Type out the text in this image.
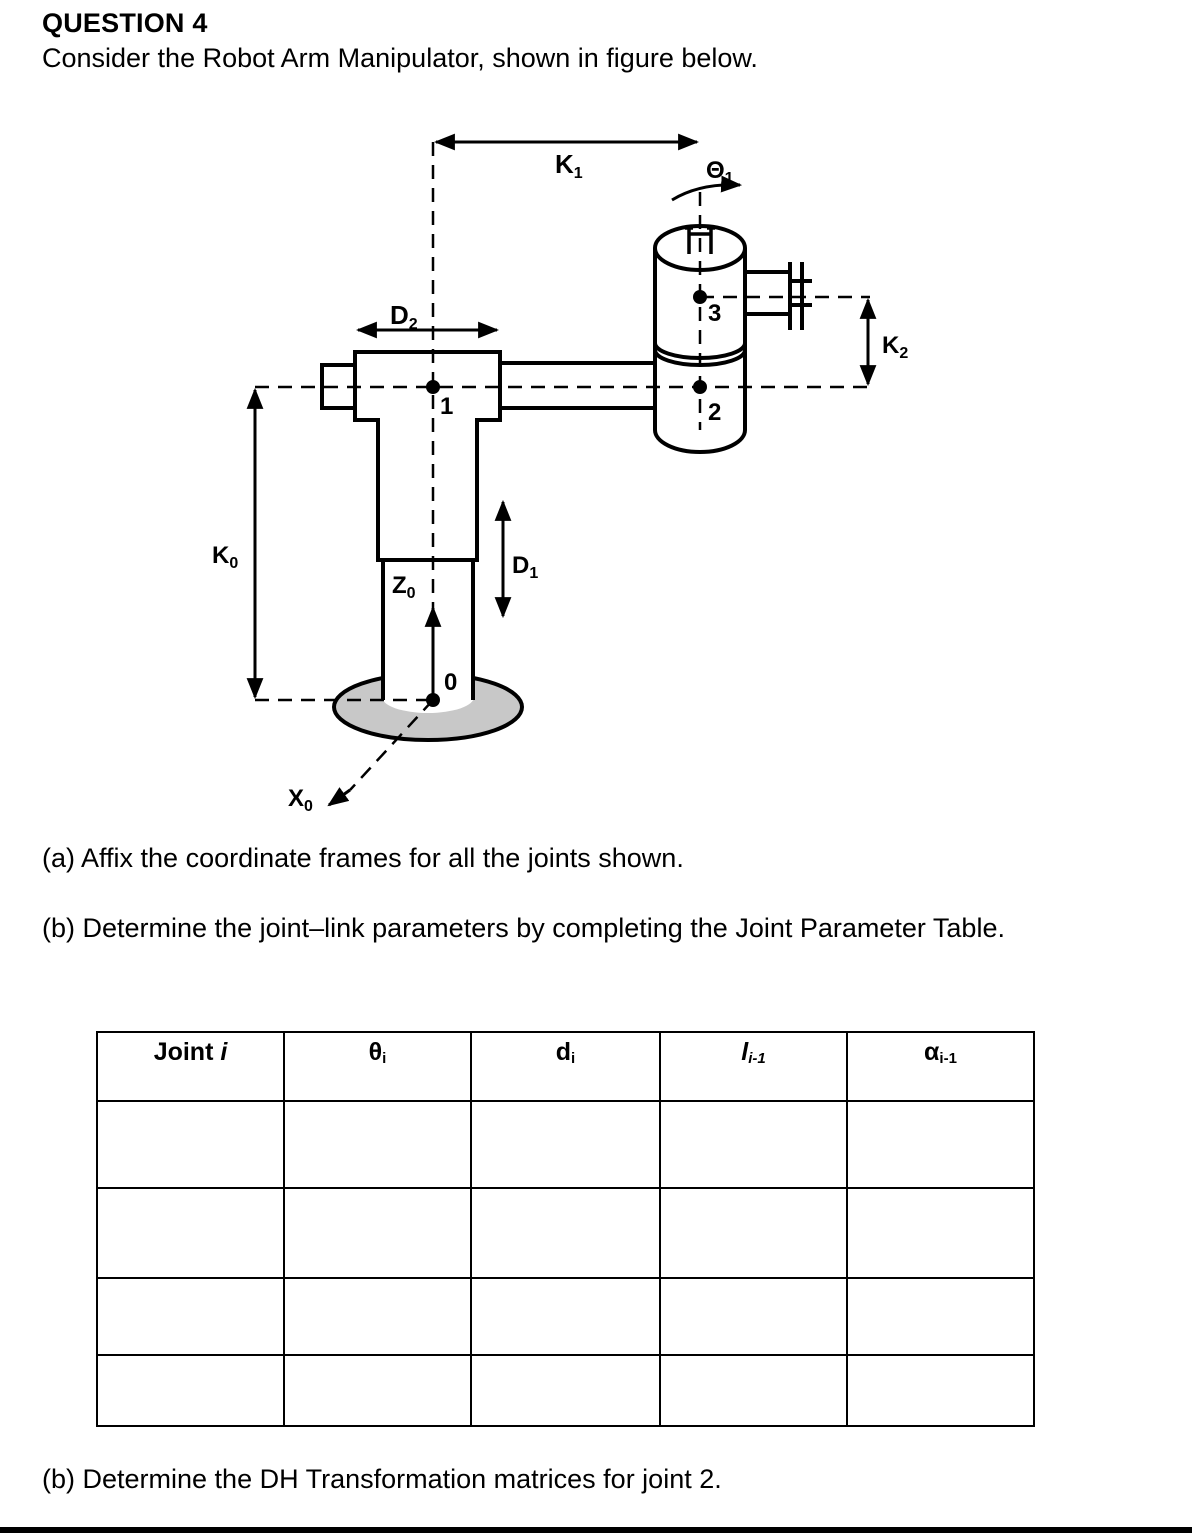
QUESTION 4
Consider the Robot Arm Manipulator, shown in figure below.
K1	$\Theta_1$
D2
$K_2$
$K_0$	$D_1$
$Z_0$
$X_0$
0
1	2
3
(a) Affix the coordinate frames for all the joints shown.
(b) Determine the joint–link parameters by completing the Joint Parameter Table.
Joint i	$\theta_i$	$d_i$	$l_{i-1}$	$\alpha_{i-1}$

(b) Determine the DH Transformation matrices for joint 2.
